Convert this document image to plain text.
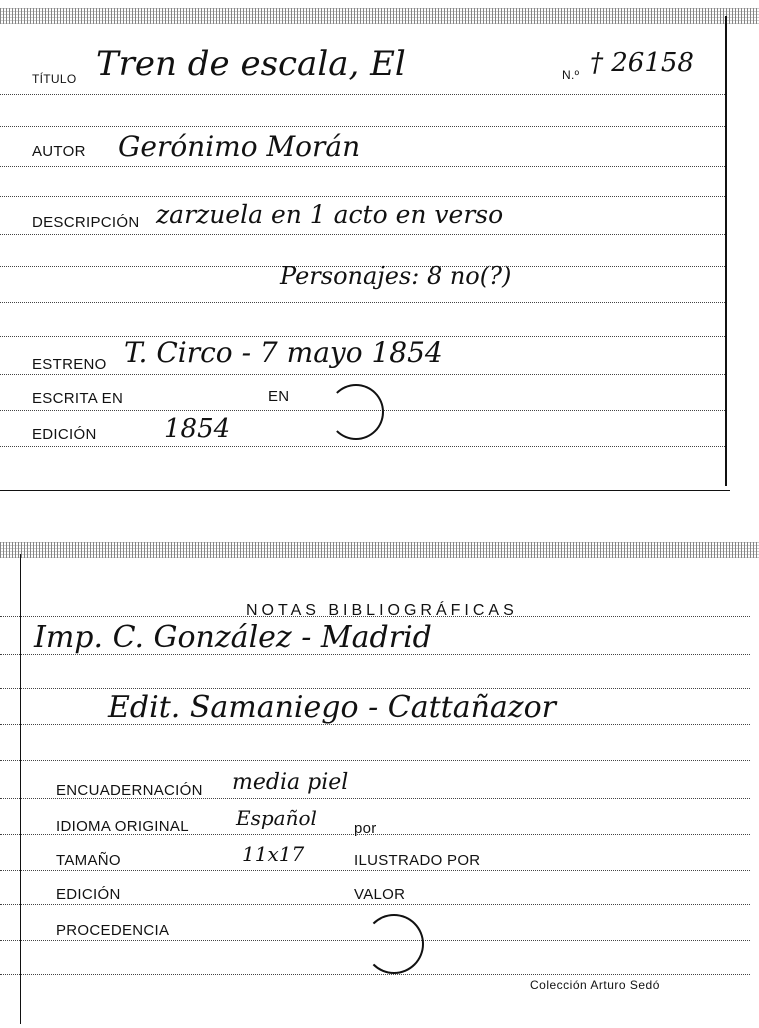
TÍTULO Tren de escala, El	N.º † 26158
AUTOR Gerónimo Morán
DESCRIPCIÓN zarzuela en 1 acto en verso
Personajes: 8 no(?)
ESTRENO T. Circo - 7 mayo 1854
ESCRITA EN	EN
EDICIÓN	1854
NOTAS BIBLIOGRÁFICAS
Imp. C. González - Madrid
Edit. Samaniego - Cattañazor
ENCUADERNACIÓN media piel
IDIOMA ORIGINAL Español por
TAMAÑO	11x17	ILUSTRADO POR
EDICIÓN	VALOR
PROCEDENCIA
Colección Arturo Sedó
